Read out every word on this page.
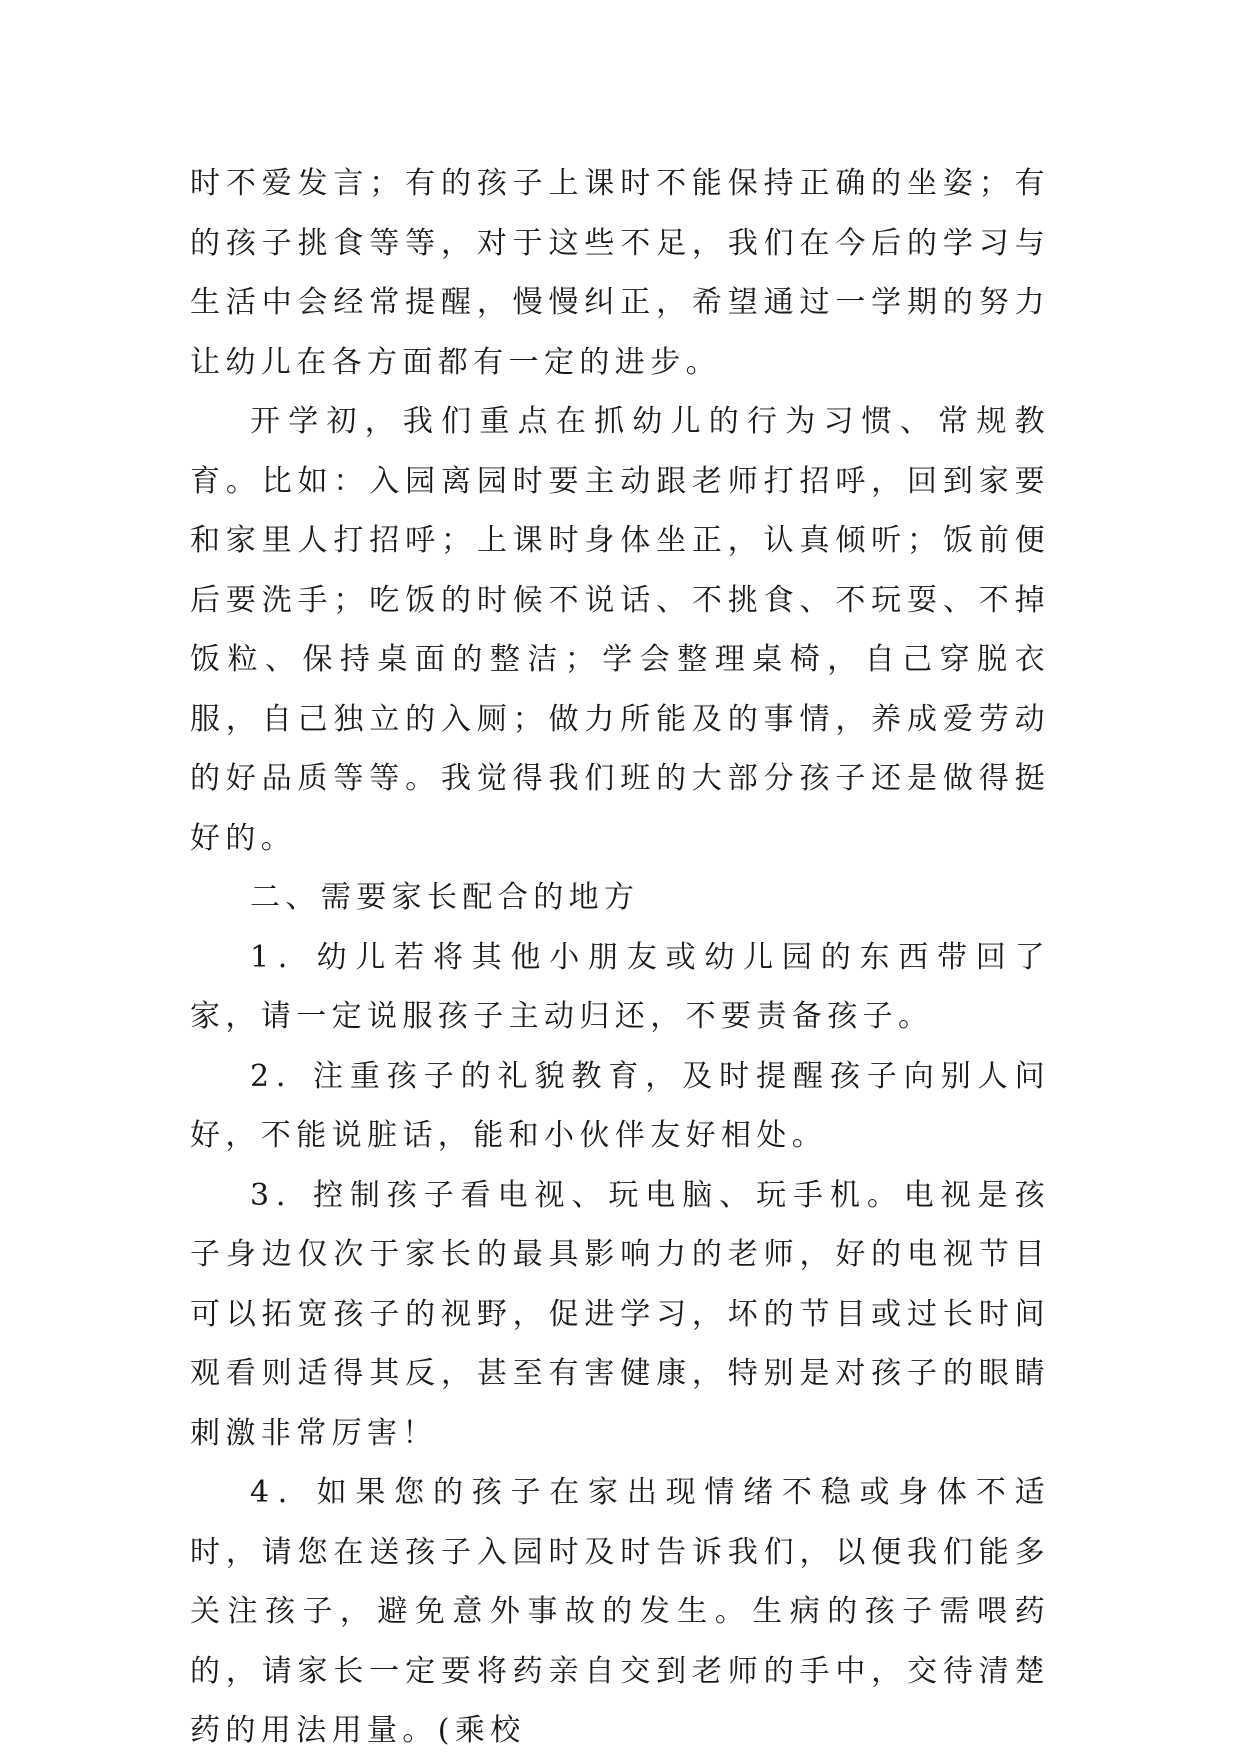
时不爱发言；有的孩子上课时不能保持正确的坐姿；有的孩子挑食等等，对于这些不足，我们在今后的学习与生活中会经常提醒，慢慢纠正，希望通过一学期的努力让幼儿在各方面都有一定的进步。

开学初，我们重点在抓幼儿的行为习惯、常规教育。比如：入园离园时要主动跟老师打招呼，回到家要和家里人打招呼；上课时身体坐正，认真倾听；饭前便后要洗手；吃饭的时候不说话、不挑食、不玩耍、不掉饭粒、保持桌面的整洁；学会整理桌椅，自己穿脱衣服，自己独立的入厕；做力所能及的事情，养成爱劳动的好品质等等。我觉得我们班的大部分孩子还是做得挺好的。

二、需要家长配合的地方

1．幼儿若将其他小朋友或幼儿园的东西带回了家，请一定说服孩子主动归还，不要责备孩子。

2．注重孩子的礼貌教育，及时提醒孩子向别人问好，不能说脏话，能和小伙伴友好相处。

3．控制孩子看电视、玩电脑、玩手机。电视是孩子身边仅次于家长的最具影响力的老师，好的电视节目可以拓宽孩子的视野，促进学习，坏的节目或过长时间观看则适得其反，甚至有害健康，特别是对孩子的眼睛刺激非常厉害！

4．如果您的孩子在家出现情绪不稳或身体不适时，请您在送孩子入园时及时告诉我们，以便我们能多关注孩子，避免意外事故的发生。生病的孩子需喂药的，请家长一定要将药亲自交到老师的手中，交待清楚药的用法用量。(乘校
